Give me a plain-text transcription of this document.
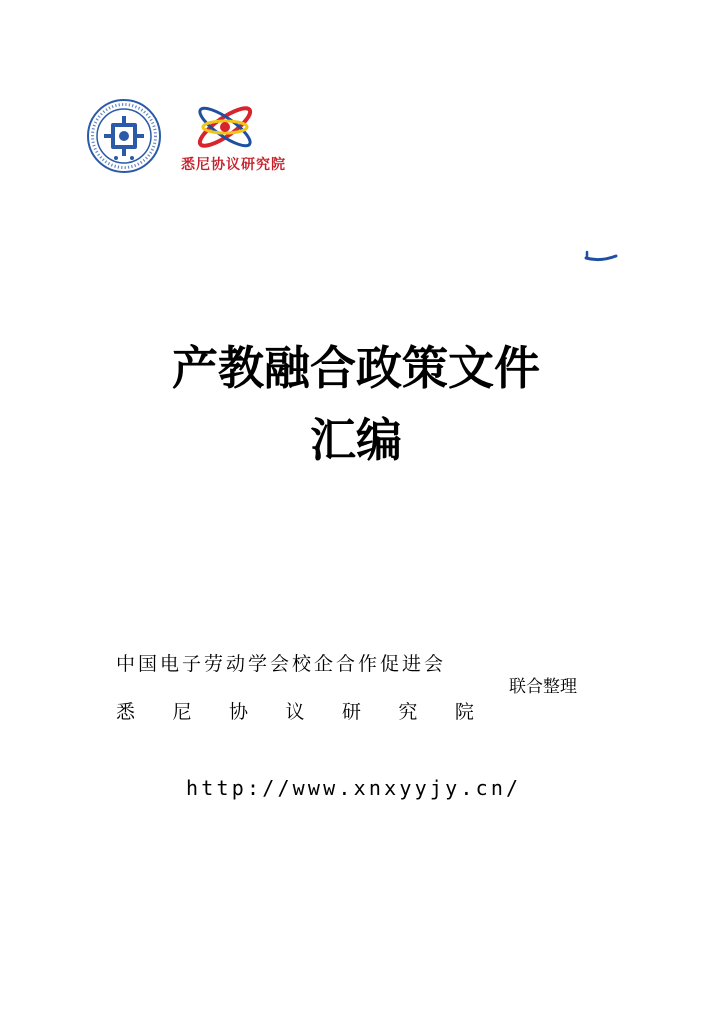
悉尼协议研究院
产教融合政策文件
汇编
中国电子劳动学会校企合作促进会
悉 尼 协 议 研 究 院
联合整理
http://www.xnxyyjy.cn/
